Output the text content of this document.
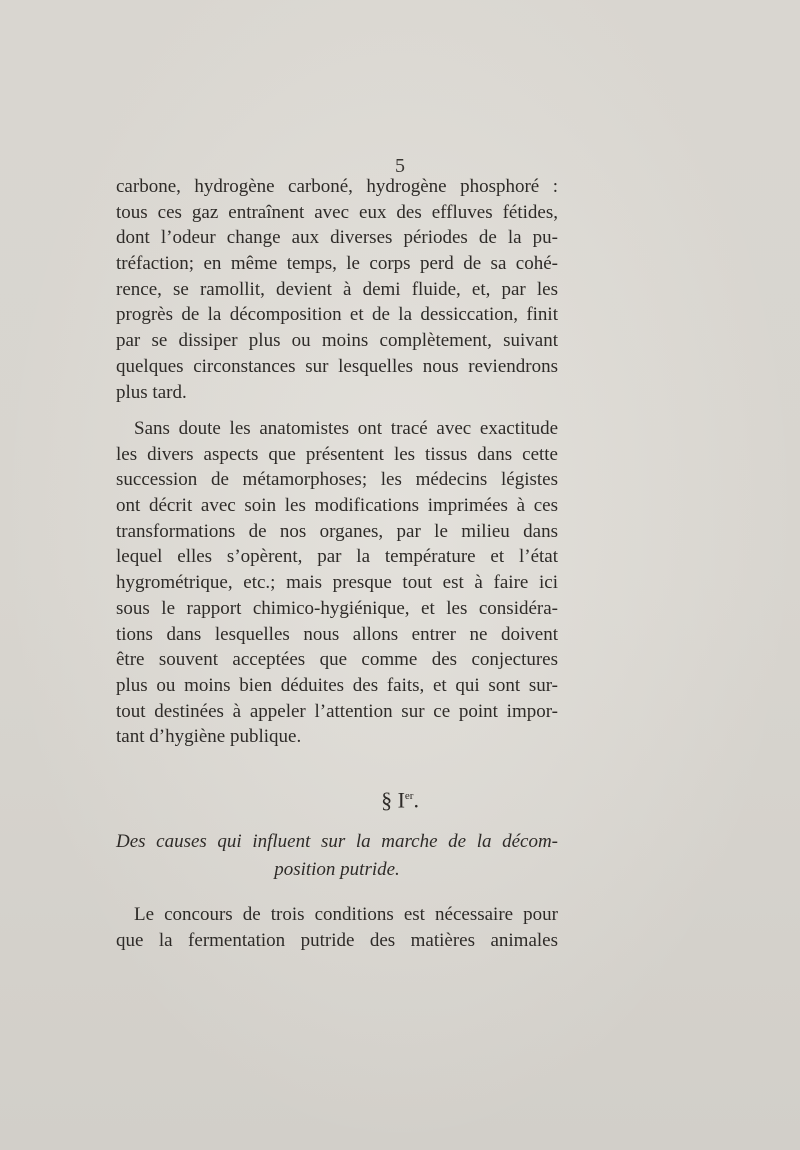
5
carbone, hydrogène carboné, hydrogène phosphoré :
tous ces gaz entraînent avec eux des effluves fétides,
dont l’odeur change aux diverses périodes de la pu-
tréfaction; en même temps, le corps perd de sa cohé-
rence, se ramollit, devient à demi fluide, et, par les
progrès de la décomposition et de la dessiccation, finit
par se dissiper plus ou moins complètement, suivant
quelques circonstances sur lesquelles nous reviendrons
plus tard.
Sans doute les anatomistes ont tracé avec exactitude
les divers aspects que présentent les tissus dans cette
succession de métamorphoses; les médecins légistes
ont décrit avec soin les modifications imprimées à ces
transformations de nos organes, par le milieu dans
lequel elles s’opèrent, par la température et l’état
hygrométrique, etc.; mais presque tout est à faire ici
sous le rapport chimico-hygiénique, et les considéra-
tions dans lesquelles nous allons entrer ne doivent
être souvent acceptées que comme des conjectures
plus ou moins bien déduites des faits, et qui sont sur-
tout destinées à appeler l’attention sur ce point impor-
tant d’hygiène publique.
§ Ier.
Des causes qui influent sur la marche de la décom-
position putride.
Le concours de trois conditions est nécessaire pour
que la fermentation putride des matières animales
